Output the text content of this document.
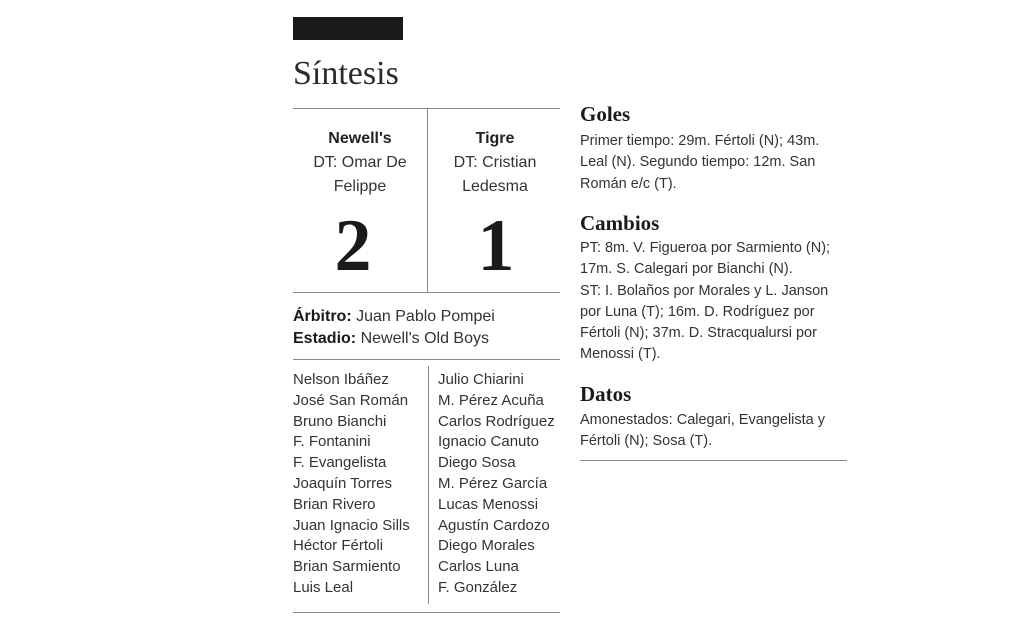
Síntesis
Newell's
DT: Omar De
Felippe
Tigre
DT: Cristian
Ledesma
2	1
Árbitro: Juan Pablo Pompei
Estadio: Newell's Old Boys
Nelson Ibáñez
José San Román
Bruno Bianchi
F. Fontanini
F. Evangelista
Joaquín Torres
Brian Rivero
Juan Ignacio Sills
Héctor Fértoli
Brian Sarmiento
Luis Leal
Julio Chiarini
M. Pérez Acuña
Carlos Rodríguez
Ignacio Canuto
Diego Sosa
M. Pérez García
Lucas Menossi
Agustín Cardozo
Diego Morales
Carlos Luna
F. González
Goles
Primer tiempo: 29m. Fértoli (N); 43m.
Leal (N). Segundo tiempo: 12m. San
Román e/c (T).
Cambios
PT: 8m. V. Figueroa por Sarmiento (N);
17m. S. Calegari por Bianchi (N).
ST: I. Bolaños por Morales y L. Janson
por Luna (T); 16m. D. Rodríguez por
Fértoli (N); 37m. D. Stracqualursi por
Menossi (T).
Datos
Amonestados: Calegari, Evangelista y
Fértoli (N); Sosa (T).
